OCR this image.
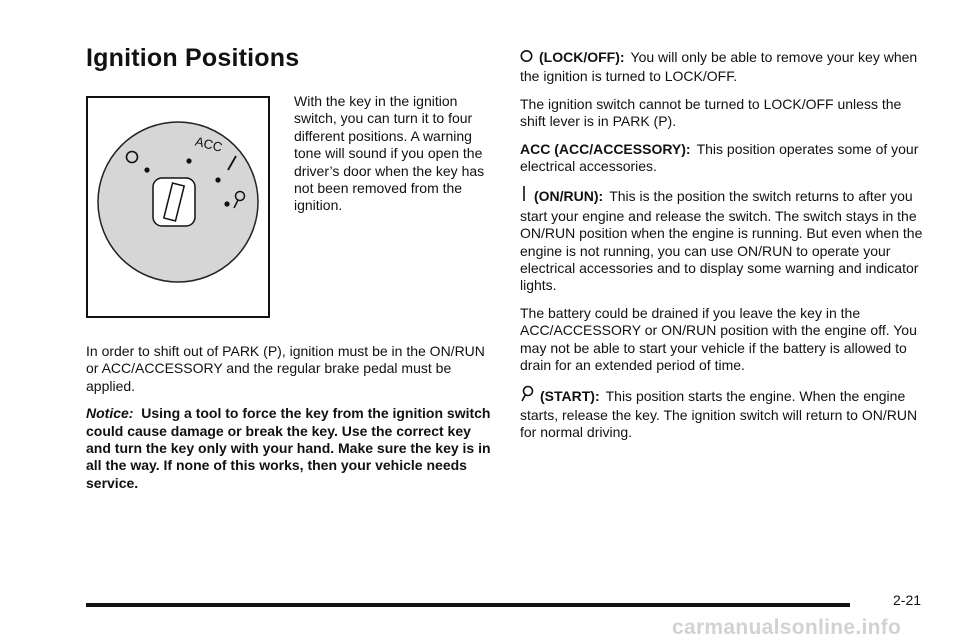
Ignition Positions
ACC
With the key in the ignition switch, you can turn it to four different positions. A warning tone will sound if you open the driver’s door when the key has not been removed from the ignition.

In order to shift out of PARK (P), ignition must be in the ON/RUN or ACC/ACCESSORY and the regular brake pedal must be applied.

Notice: Using a tool to force the key from the ignition switch could cause damage or break the key. Use the correct key and turn the key only with your hand. Make sure the key is in all the way. If none of this works, then your vehicle needs service.

(LOCK/OFF): You will only be able to remove your key when the ignition is turned to LOCK/OFF.

The ignition switch cannot be turned to LOCK/OFF unless the shift lever is in PARK (P).

ACC (ACC/ACCESSORY): This position operates some of your electrical accessories.

(ON/RUN): This is the position the switch returns to after you start your engine and release the switch. The switch stays in the ON/RUN position when the engine is running. But even when the engine is not running, you can use ON/RUN to operate your electrical accessories and to display some warning and indicator lights.

The battery could be drained if you leave the key in the ACC/ACCESSORY or ON/RUN position with the engine off. You may not be able to start your vehicle if the battery is allowed to drain for an extended period of time.

(START): This position starts the engine. When the engine starts, release the key. The ignition switch will return to ON/RUN for normal driving.

2-21
carmanualsonline.info
